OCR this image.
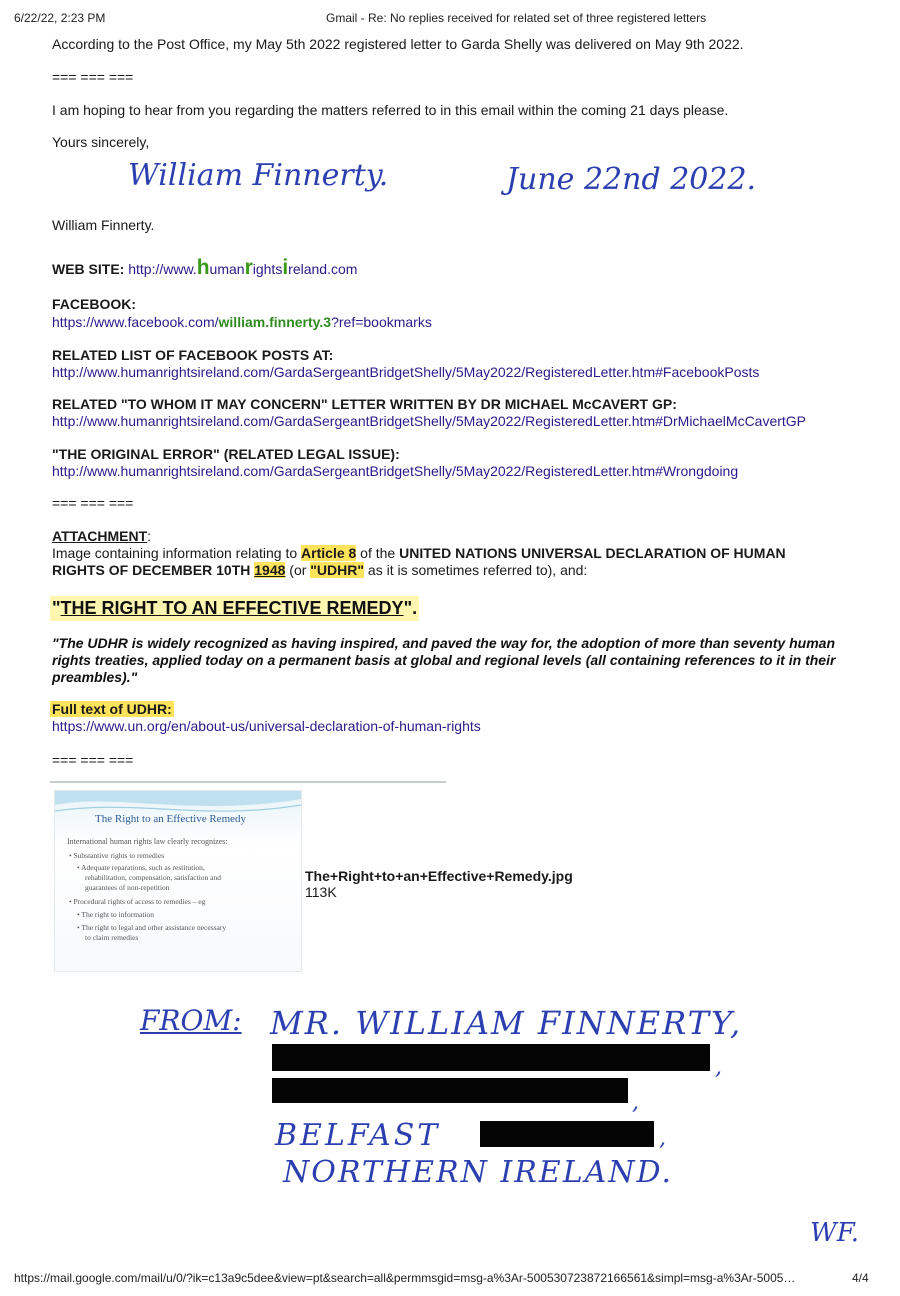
6/22/22, 2:23 PM	Gmail - Re: No replies received for related set of three registered letters
According to the Post Office, my May 5th 2022 registered letter to Garda Shelly was delivered on May 9th 2022.
=== === ===
I am hoping to hear from you regarding the matters referred to in this email within the coming 21 days please.
Yours sincerely,
William Finnerty.	June 22nd 2022.
William Finnerty.
WEB SITE: http://www.humanrightsireland.com
FACEBOOK:
https://www.facebook.com/william.finnerty.3?ref=bookmarks
RELATED LIST OF FACEBOOK POSTS AT:
http://www.humanrightsireland.com/GardaSergeantBridgetShelly/5May2022/RegisteredLetter.htm#FacebookPosts
RELATED "TO WHOM IT MAY CONCERN" LETTER WRITTEN BY DR MICHAEL McCAVERT GP:
http://www.humanrightsireland.com/GardaSergeantBridgetShelly/5May2022/RegisteredLetter.htm#DrMichaelMcCavertGP
"THE ORIGINAL ERROR" (RELATED LEGAL ISSUE):
http://www.humanrightsireland.com/GardaSergeantBridgetShelly/5May2022/RegisteredLetter.htm#Wrongdoing
=== === ===
ATTACHMENT:
Image containing information relating to Article 8 of the UNITED NATIONS UNIVERSAL DECLARATION OF HUMAN
RIGHTS OF DECEMBER 10TH 1948 (or "UDHR" as it is sometimes referred to), and:
"THE RIGHT TO AN EFFECTIVE REMEDY".
"The UDHR is widely recognized as having inspired, and paved the way for, the adoption of more than seventy human rights treaties, applied today on a permanent basis at global and regional levels (all containing references to it in their preambles)."
Full text of UDHR:
https://www.un.org/en/about-us/universal-declaration-of-human-rights
=== === ===
The Right to an Effective Remedy
International human rights law clearly recognizes:
• Substantive rights to remedies
• Adequate reparations, such as restitution,
rehabilitation, compensation, satisfaction and
guarantees of non-repetition
• Procedural rights of access to remedies – eg
• The right to information
• The right to legal and other assistance necessary
to claim remedies
The+Right+to+an+Effective+Remedy.jpg
113K
FROM: MR. WILLIAM FINNERTY,
,
,
BELFAST	,
NORTHERN IRELAND.
WF.
https://mail.google.com/mail/u/0/?ik=c13a9c5dee&view=pt&search=all&permmsgid=msg-a%3Ar-500530723872166561&simpl=msg-a%3Ar-5005…	4/4
